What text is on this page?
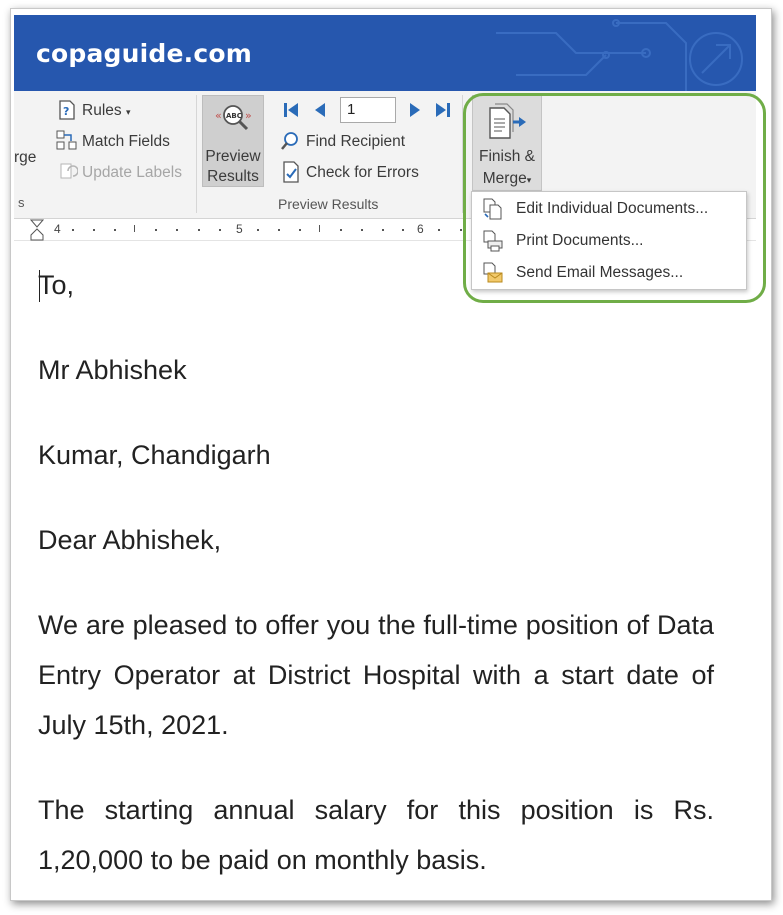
copaguide.com
rge
s
? Rules ▾
Match Fields
Update Labels
« ABC »
Preview
Results
1
Find Recipient
Check for Errors
Preview Results
Finish &
Merge▾
4	5	6
Edit Individual Documents...
Print Documents...
Send Email Messages...

To,

Mr Abhishek

Kumar, Chandigarh

Dear Abhishek,

We are pleased to offer you the full-time position of Data Entry Operator at District Hospital with a start date of July 15th, 2021.

The starting annual salary for this position is Rs. 1,20,000 to be paid on monthly basis.
